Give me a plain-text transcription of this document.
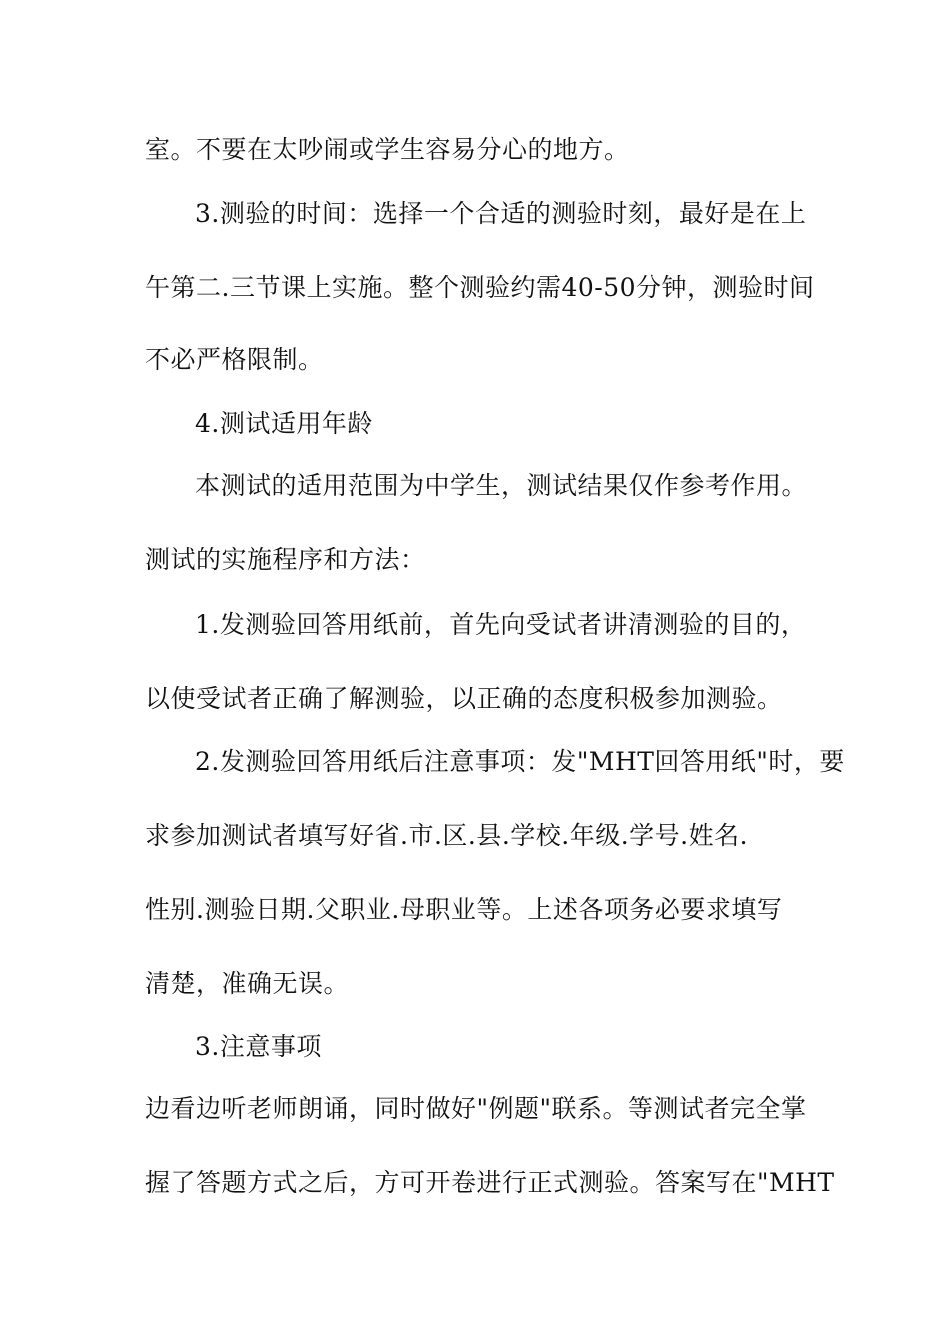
室。不要在太吵闹或学生容易分心的地方。
3.测验的时间：选择一个合适的测验时刻，最好是在上
午第二.三节课上实施。整个测验约需40-50分钟，测验时间
不必严格限制。
4.测试适用年龄
本测试的适用范围为中学生，测试结果仅作参考作用。
测试的实施程序和方法：
1.发测验回答用纸前，首先向受试者讲清测验的目的，
以使受试者正确了解测验，以正确的态度积极参加测验。
2.发测验回答用纸后注意事项：发"MHT回答用纸"时，要
求参加测试者填写好省.市.区.县.学校.年级.学号.姓名.
性别.测验日期.父职业.母职业等。上述各项务必要求填写
清楚，准确无误。
3.注意事项
边看边听老师朗诵，同时做好"例题"联系。等测试者完全掌
握了答题方式之后，方可开卷进行正式测验。答案写在"MHT
